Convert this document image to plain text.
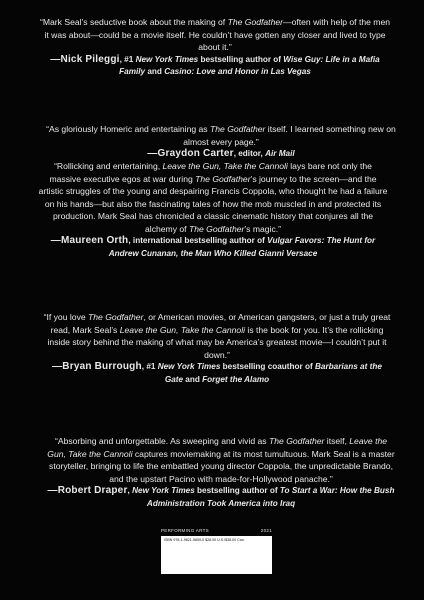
“Mark Seal’s seductive book about the making of The Godfather—often with help of the men it was about—could be a movie itself. He couldn’t have gotten any closer and lived to type about it.”
—Nick Pileggi, #1 New York Times bestselling author of Wise Guy: Life in a Mafia Family and Casino: Love and Honor in Las Vegas
“As gloriously Homeric and entertaining as The Godfather itself. I learned something new on almost every page.”
—Graydon Carter, editor, Air Mail
“Rollicking and entertaining, Leave the Gun, Take the Cannoli lays bare not only the massive executive egos at war during The Godfather’s journey to the screen—and the artistic struggles of the young and despairing Francis Coppola, who thought he had a failure on his hands—but also the fascinating tales of how the mob muscled in and protected its production. Mark Seal has chronicled a classic cinematic history that conjures all the alchemy of The Godfather’s magic.”
—Maureen Orth, international bestselling author of Vulgar Favors: The Hunt for Andrew Cunanan, the Man Who Killed Gianni Versace
“If you love The Godfather, or American movies, or American gangsters, or just a truly great read, Mark Seal’s Leave the Gun, Take the Cannoli is the book for you. It’s the rollicking inside story behind the making of what may be America’s greatest movie—I couldn’t put it down.”
—Bryan Burrough, #1 New York Times bestselling coauthor of Barbarians at the Gate and Forget the Alamo
“Absorbing and unforgettable. As sweeping and vivid as The Godfather itself, Leave the Gun, Take the Cannoli captures moviemaking at its most tumultuous. Mark Seal is a master storyteller, bringing to life the embattled young director Coppola, the unpredictable Brando, and the upstart Pacino with made-for-Hollywood panache.”
—Robert Draper, New York Times bestselling author of To Start a War: How the Bush Administration Took America into Iraq
PERFORMING ARTS	2021
ISBN 978-1-9821-5859-0 $28.00 U.S./$38.00 Can.
